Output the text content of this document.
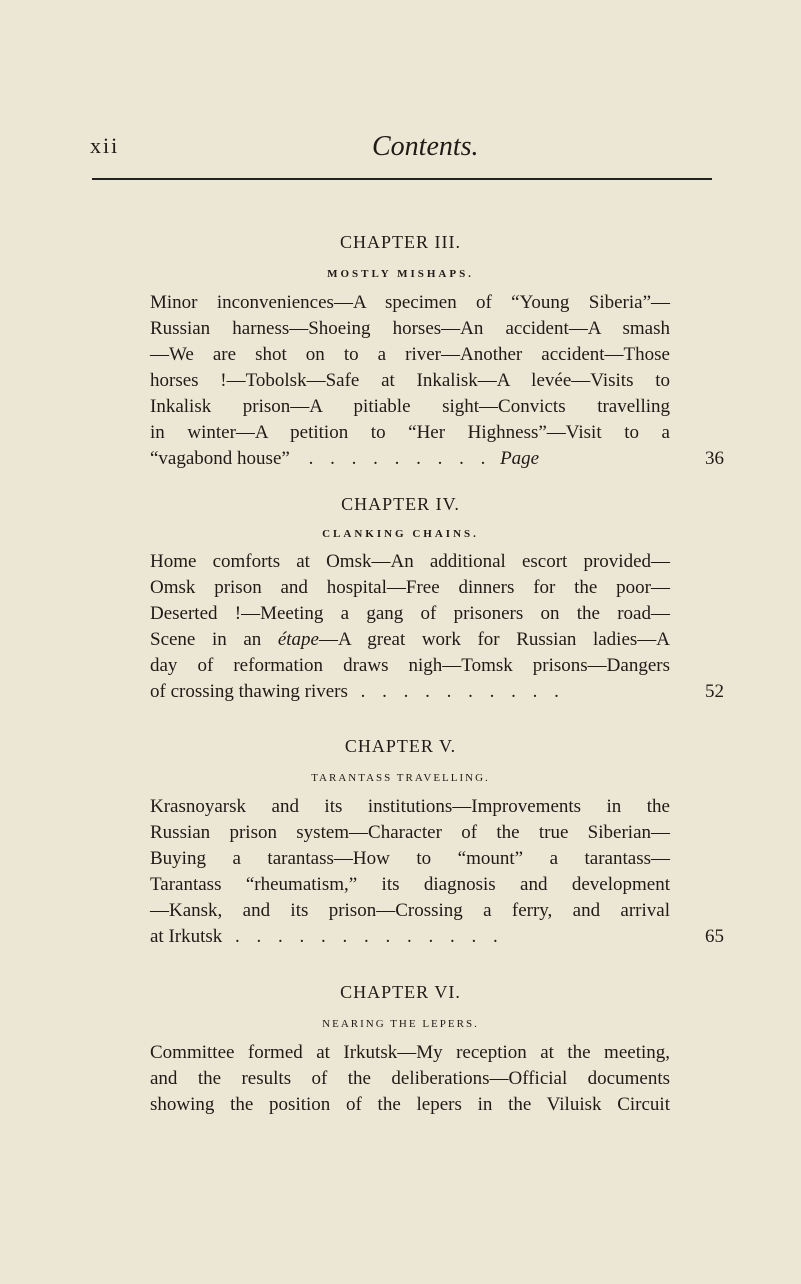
xii	Contents.
CHAPTER III.
MOSTLY MISHAPS.
Minor inconveniences—A specimen of “Young Siberia”—
Russian harness—Shoeing horses—An accident—A smash
—We are shot on to a river—Another accident—Those
horses !—Tobolsk—Safe at Inkalisk—A levée—Visits to
Inkalisk prison—A pitiable sight—Convicts travelling
in winter—A petition to “Her Highness”—Visit to a
“vagabond house” . . . . . . . . . Page	36
CHAPTER IV.
CLANKING CHAINS.
Home comforts at Omsk—An additional escort provided—
Omsk prison and hospital—Free dinners for the poor—
Deserted !—Meeting a gang of prisoners on the road—
Scene in an étape—A great work for Russian ladies—A
day of reformation draws nigh—Tomsk prisons—Dangers
of crossing thawing rivers . . . . . . . . . .	52
CHAPTER V.
TARANTASS TRAVELLING.
Krasnoyarsk and its institutions—Improvements in the
Russian prison system—Character of the true Siberian—
Buying a tarantass—How to “mount” a tarantass—
Tarantass “rheumatism,” its diagnosis and development
—Kansk, and its prison—Crossing a ferry, and arrival
at Irkutsk . . . . . . . . . . . . .	65
CHAPTER VI.
NEARING THE LEPERS.
Committee formed at Irkutsk—My reception at the meeting,
and the results of the deliberations—Official documents
showing the position of the lepers in the Viluisk Circuit
